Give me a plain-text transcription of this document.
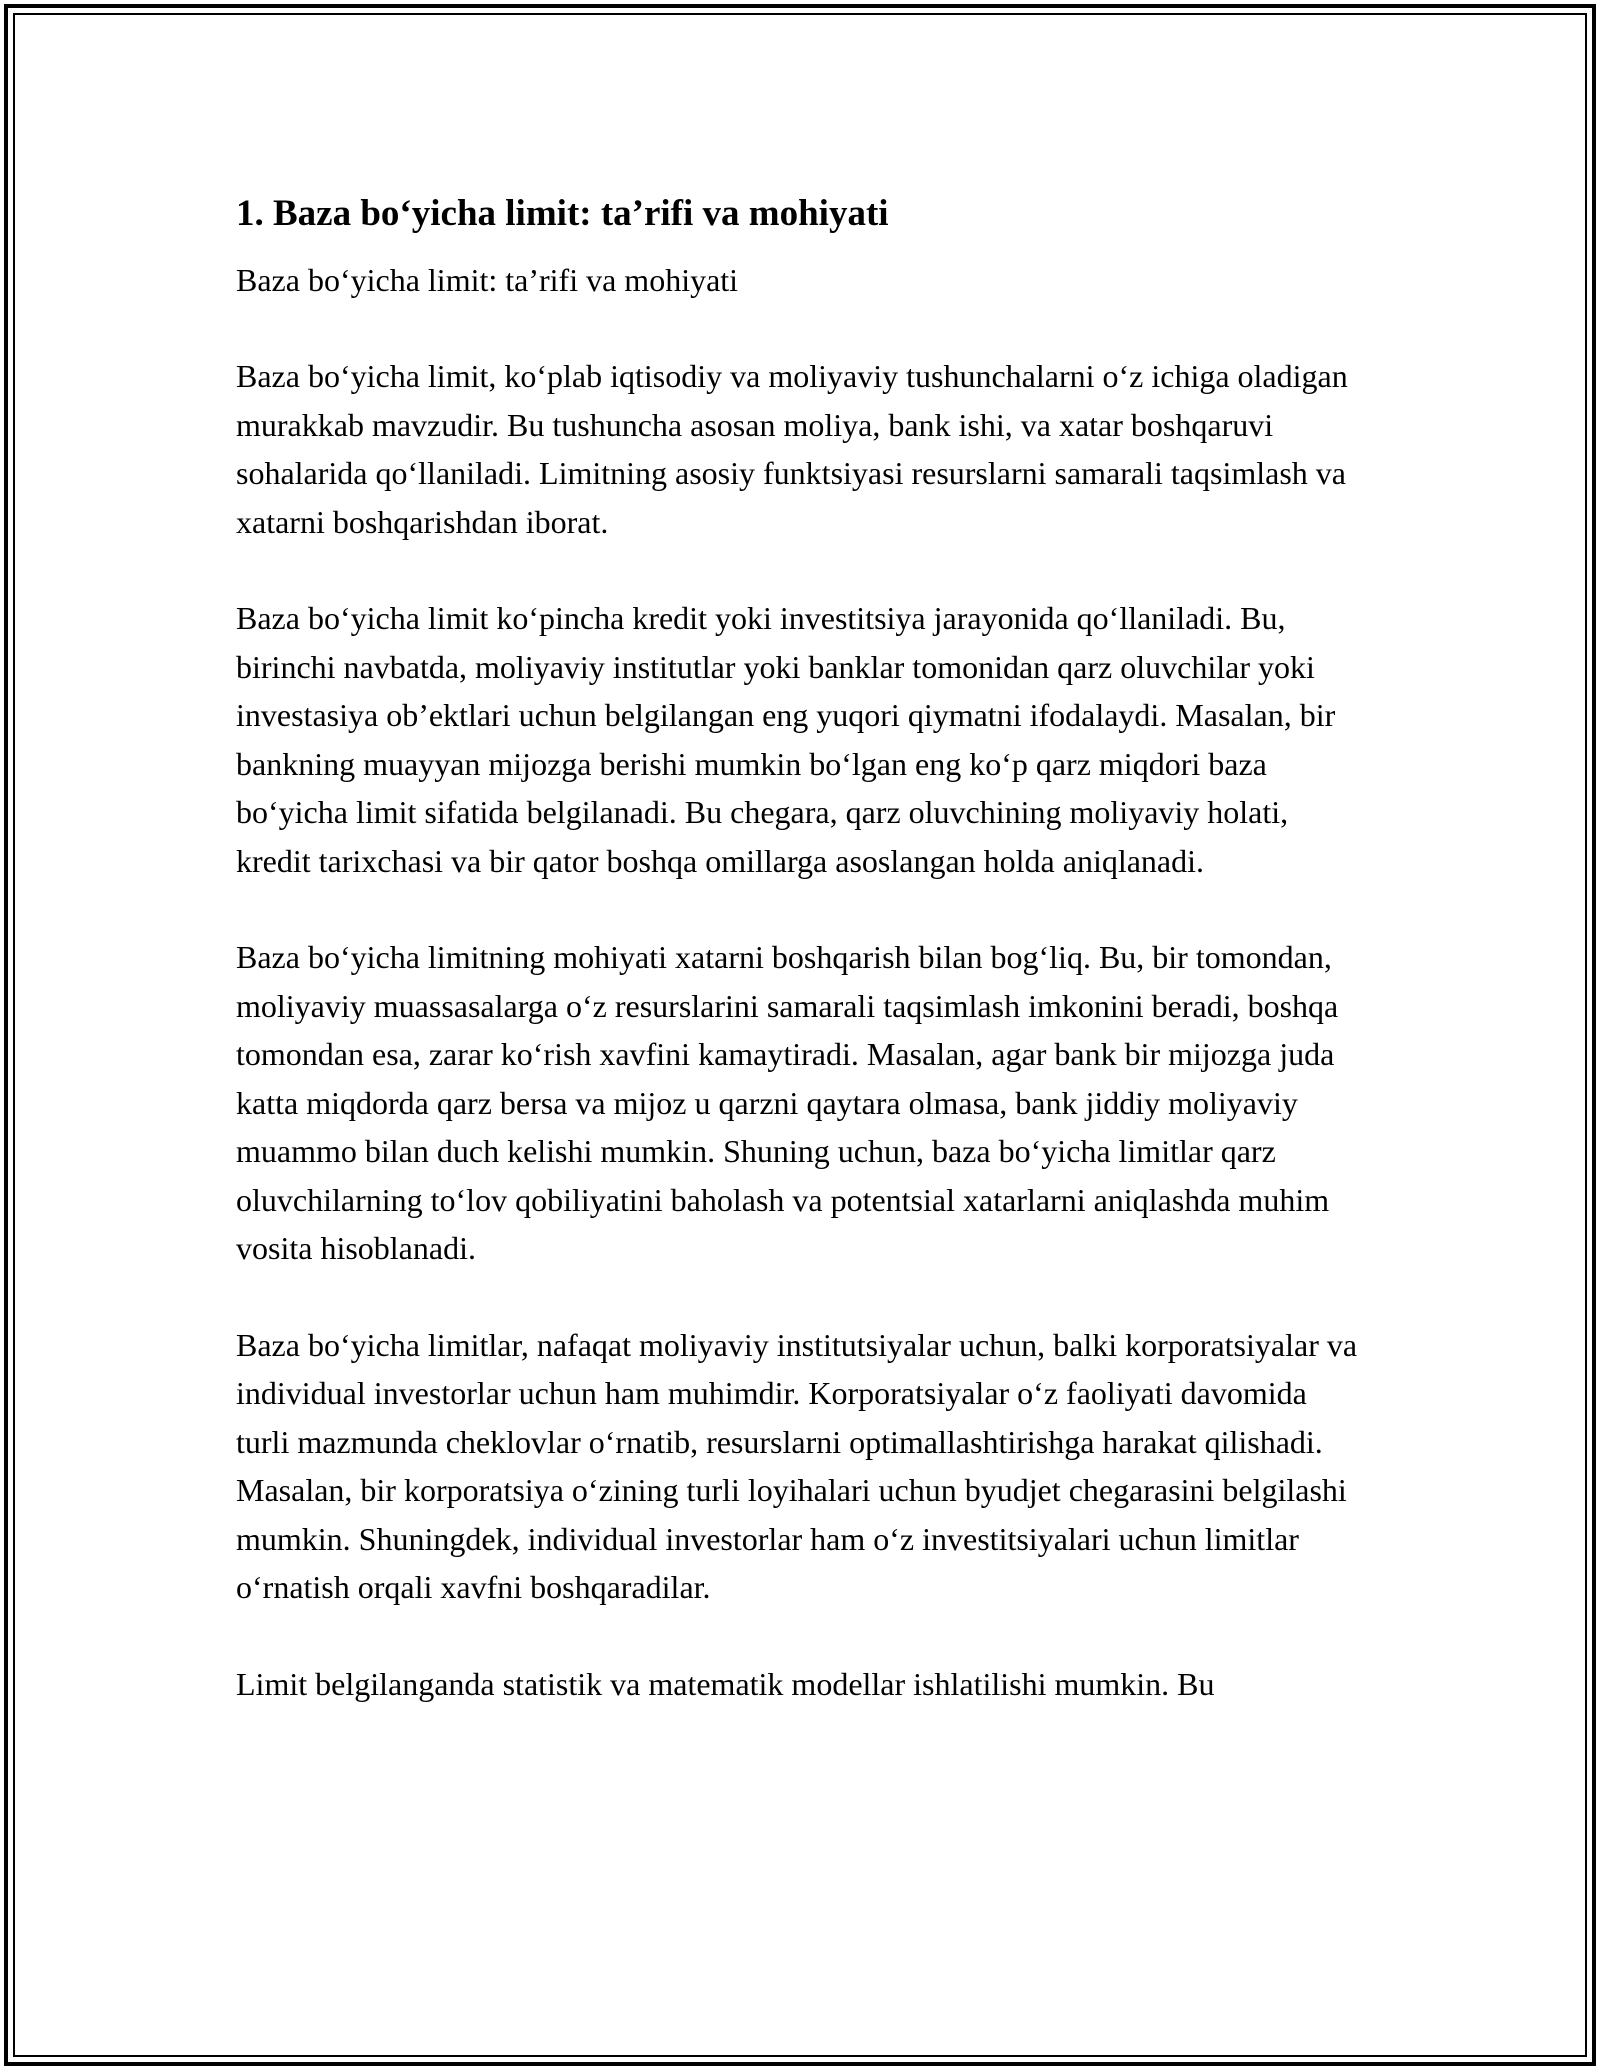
1. Baza bo‘yicha limit: ta’rifi va mohiyati

Baza bo‘yicha limit: ta’rifi va mohiyati

Baza bo‘yicha limit, ko‘plab iqtisodiy va moliyaviy tushunchalarni o‘z ichiga oladigan murakkab mavzudir. Bu tushuncha asosan moliya, bank ishi, va xatar boshqaruvi sohalarida qo‘llaniladi. Limitning asosiy funktsiyasi resurslarni samarali taqsimlash va xatarni boshqarishdan iborat.

Baza bo‘yicha limit ko‘pincha kredit yoki investitsiya jarayonida qo‘llaniladi. Bu, birinchi navbatda, moliyaviy institutlar yoki banklar tomonidan qarz oluvchilar yoki investasiya ob’ektlari uchun belgilangan eng yuqori qiymatni ifodalaydi. Masalan, bir bankning muayyan mijozga berishi mumkin bo‘lgan eng ko‘p qarz miqdori baza bo‘yicha limit sifatida belgilanadi. Bu chegara, qarz oluvchining moliyaviy holati, kredit tarixchasi va bir qator boshqa omillarga asoslangan holda aniqlanadi.

Baza bo‘yicha limitning mohiyati xatarni boshqarish bilan bog‘liq. Bu, bir tomondan, moliyaviy muassasalarga o‘z resurslarini samarali taqsimlash imkonini beradi, boshqa tomondan esa, zarar ko‘rish xavfini kamaytiradi. Masalan, agar bank bir mijozga juda katta miqdorda qarz bersa va mijoz u qarzni qaytara olmasa, bank jiddiy moliyaviy muammo bilan duch kelishi mumkin. Shuning uchun, baza bo‘yicha limitlar qarz oluvchilarning to‘lov qobiliyatini baholash va potentsial xatarlarni aniqlashda muhim vosita hisoblanadi.

Baza bo‘yicha limitlar, nafaqat moliyaviy institutsiyalar uchun, balki korporatsiyalar va individual investorlar uchun ham muhimdir. Korporatsiyalar o‘z faoliyati davomida turli mazmunda cheklovlar o‘rnatib, resurslarni optimallashtirishga harakat qilishadi. Masalan, bir korporatsiya o‘zining turli loyihalari uchun byudjet chegarasini belgilashi mumkin. Shuningdek, individual investorlar ham o‘z investitsiyalari uchun limitlar o‘rnatish orqali xavfni boshqaradilar.

Limit belgilanganda statistik va matematik modellar ishlatilishi mumkin. Bu
